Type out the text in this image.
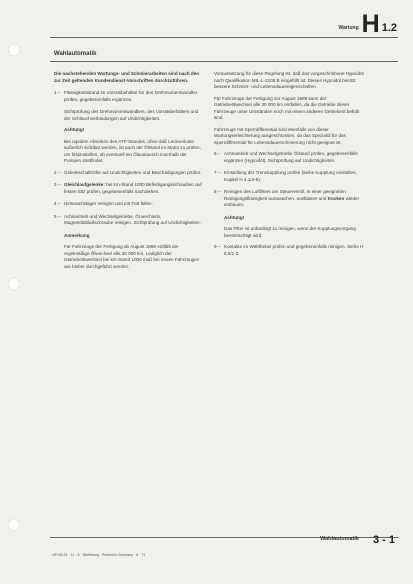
Wartung H 1.2
Wahlautomatik

Die nachstehenden Wartungs- und Schmierarbeiten sind nach den zur Zeit geltenden Kundendienst-Vorschriften durchzuführen.

1 – Flüssigkeitsstand im Vorratsbehälter für den Drehmomentwandler prüfen, gegebenenfalls ergänzen.

Sichtprüfung des Drehmomentwandlers, des Vorratsbehälters und der Schlauchverbindungen auf Undichtigkeiten.

Achtung!

Bei rapidem Absinken des ATF-Standes, ohne daß Leckverluste äußerlich sichtbar werden, ist auch der Ölstand im Motor zu prüfen, um festzustellen, ob eventuell ein Ölaustausch innerhalb der Pumpen stattfindet.

2 – Gelenkschalthöfer auf Undichtigkeiten und Beschädigungen prüfen.
3 – Gleichlaufgelenke: bei km-Stand 1000 Befestigungsschrauben auf festen Sitz prüfen, gegebenenfalls nachziehen.
4 – Hinterachslager reinigen und mit Fett füllen.
5 – Achsantrieb und Wechselgetriebe. Öl wechseln, Magnetölablaßschraube reinigen. Sichtprüfung auf Undichtigkeiten.

Anmerkung

Für Fahrzeuge der Fertigung ab August 1969 entfällt der regelmäßige Ölwechsel alle 30 000 km. Lediglich der Getriebeölwechsel bei km-Stand 1000 muß bei neuen Fahrzeugen wie bisher durchgeführt werden.

Voraussetzung für diese Regelung ist, daß das vorgeschriebene Hypoidöl nach Qualifikation MIL-L-2105 B eingefüllt ist. Dieses Hypoidöl besitzt bessere Schmier- und Lebensdauereigenschaften.

Für Fahrzeuge der Fertigung vor August 1969 kann der Getriebeölwechsel alle 30 000 km entfallen, da die Getriebe dieser Fahrzeuge unter Umständen noch mit einem anderen Getriebeöl befüllt sind.

Fahrzeuge mit Sperrdifferential sind ebenfalls von dieser Wartungserleichterung ausgeschlossen, da das Spezialöl für das Sperrdifferential für Lebensdauerschmierung nicht geeignet ist.

6 – Achsantrieb und Wechselgetriebe Ölstand prüfen, gegebenenfalls ergänzen (Hypoidöl). Sichtprüfung auf Undichtigkeiten.
7 – Einstellung der Trennkupplung prüfen (siehe Kupplung einstellen, Kapitel H 4.1/4-5).
8 – Reinigen des Luftfilters am Steuerventil. In einer geeigneten Reinigungsflüssigkeit auswaschen, ausblasen und trocken wieder einbauen.

Achtung!

Das Filter ist unbedingt zu reinigen, wenn der Kupplungsvorgang beeinträchtigt wird.

9 – Kontakte im Wählhebel prüfen und gegebenenfalls reinigen. Siehe H 8.5/1-3.
UP-06-28 · 11 · 6 · Wolfsburg · Printed in Germany · 8 · 71
Wahlautomatik 3 - 1
